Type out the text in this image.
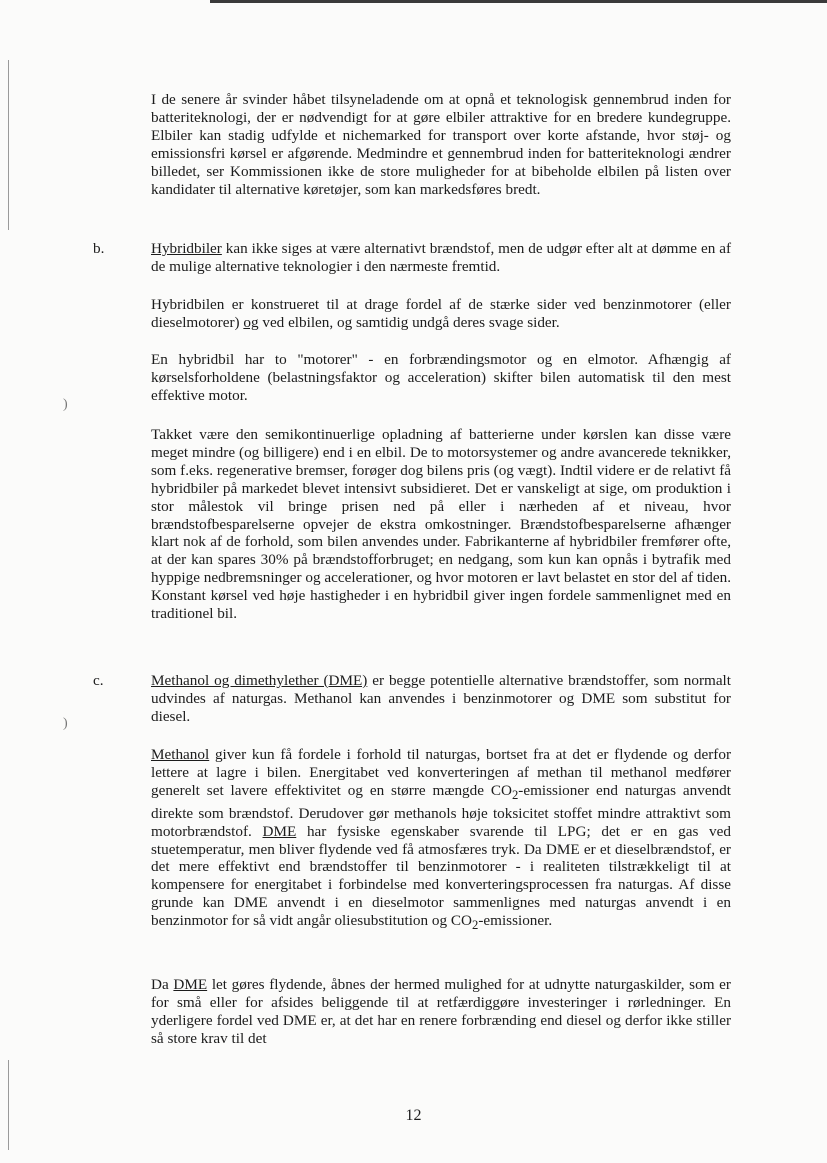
)
)

I de senere år svinder håbet tilsyneladende om at opnå et teknologisk gennembrud inden for batteriteknologi, der er nødvendigt for at gøre elbiler attraktive for en bredere kundegruppe. Elbiler kan stadig udfylde et nichemarked for transport over korte afstande, hvor støj- og emissionsfri kørsel er afgørende. Medmindre et gennembrud inden for batteriteknologi ændrer billedet, ser Kommissionen ikke de store muligheder for at bibeholde elbilen på listen over kandidater til alternative køretøjer, som kan markedsføres bredt.

b.	Hybridbiler kan ikke siges at være alternativt brændstof, men de udgør efter alt at dømme en af de mulige alternative teknologier i den nærmeste fremtid.

Hybridbilen er konstrueret til at drage fordel af de stærke sider ved benzinmotorer (eller dieselmotorer) og ved elbilen, og samtidig undgå deres svage sider.

En hybridbil har to "motorer" - en forbrændingsmotor og en elmotor. Afhængig af kørselsforholdene (belastningsfaktor og acceleration) skifter bilen automatisk til den mest effektive motor.

Takket være den semikontinuerlige opladning af batterierne under kørslen kan disse være meget mindre (og billigere) end i en elbil. De to motorsystemer og andre avancerede teknikker, som f.eks. regenerative bremser, forøger dog bilens pris (og vægt). Indtil videre er de relativt få hybridbiler på markedet blevet intensivt subsidieret. Det er vanskeligt at sige, om produktion i stor målestok vil bringe prisen ned på eller i nærheden af et niveau, hvor brændstofbesparelserne opvejer de ekstra omkostninger. Brændstofbesparelserne afhænger klart nok af de forhold, som bilen anvendes under. Fabrikanterne af hybridbiler fremfører ofte, at der kan spares 30% på brændstofforbruget; en nedgang, som kun kan opnås i bytrafik med hyppige nedbremsninger og accelerationer, og hvor motoren er lavt belastet en stor del af tiden. Konstant kørsel ved høje hastigheder i en hybridbil giver ingen fordele sammenlignet med en traditionel bil.

c.	Methanol og dimethylether (DME) er begge potentielle alternative brændstoffer, som normalt udvindes af naturgas. Methanol kan anvendes i benzinmotorer og DME som substitut for diesel.

Methanol giver kun få fordele i forhold til naturgas, bortset fra at det er flydende og derfor lettere at lagre i bilen. Energitabet ved konverteringen af methan til methanol medfører generelt set lavere effektivitet og en større mængde $CO_2$-emissioner end naturgas anvendt direkte som brændstof. Derudover gør methanols høje toksicitet stoffet mindre attraktivt som motorbrændstof. DME har fysiske egenskaber svarende til LPG; det er en gas ved stuetemperatur, men bliver flydende ved få atmosfæres tryk. Da DME er et dieselbrændstof, er det mere effektivt end brændstoffer til benzinmotorer - i realiteten tilstrækkeligt til at kompensere for energitabet i forbindelse med konverteringsprocessen fra naturgas. Af disse grunde kan DME anvendt i en dieselmotor sammenlignes med naturgas anvendt i en benzinmotor for så vidt angår oliesubstitution og $CO_2$-emissioner.

Da DME let gøres flydende, åbnes der hermed mulighed for at udnytte naturgaskilder, som er for små eller for afsides beliggende til at retfærdiggøre investeringer i rørledninger. En yderligere fordel ved DME er, at det har en renere forbrænding end diesel og derfor ikke stiller så store krav til det

12
